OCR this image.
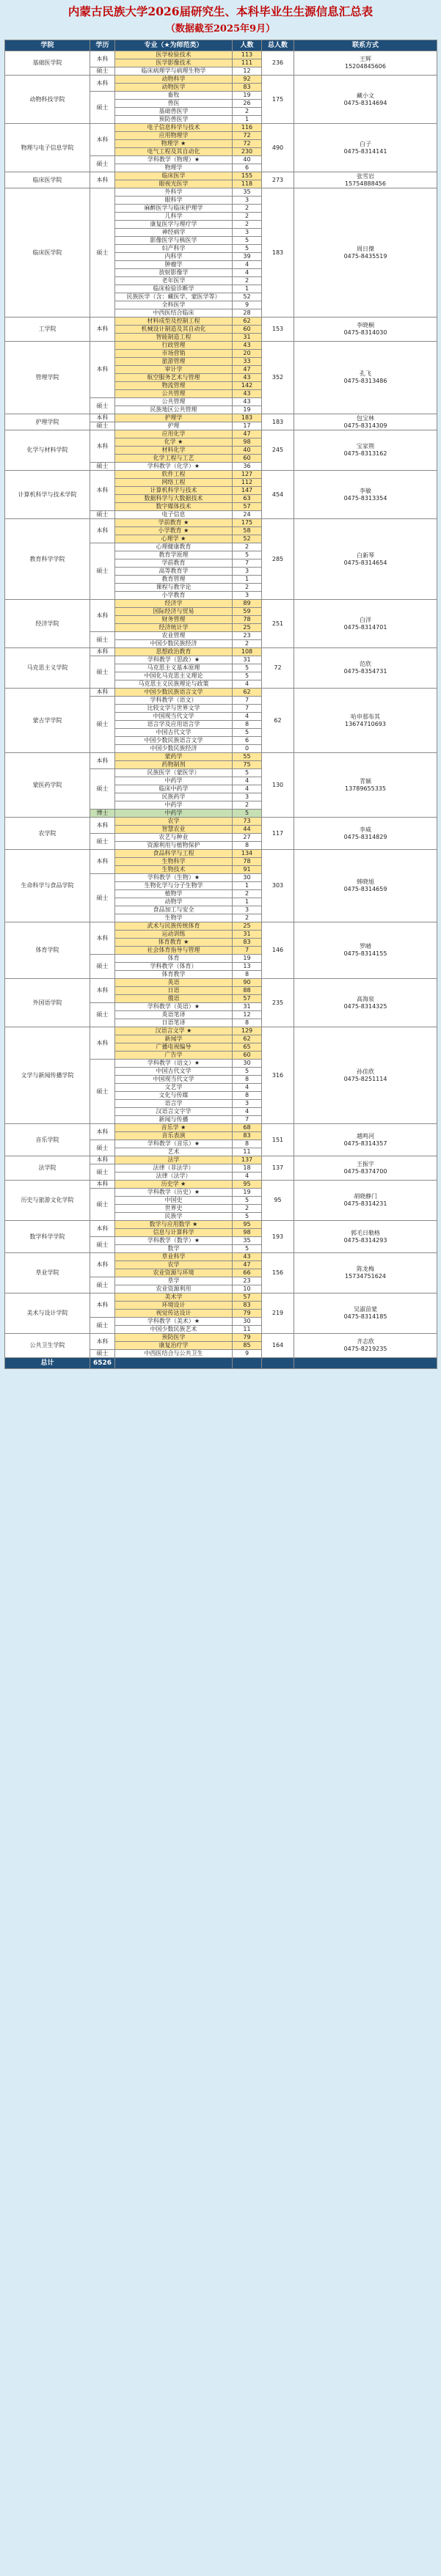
内蒙古民族大学2026届研究生、本科毕业生生源信息汇总表
（数据截至2025年9月）
学院	学历	专业（★为师范类）	人数	总人数	联系方式
基础医学院	本科	医学检验技术	113	236	王辉
15204845606

		医学影像技术	111		
	硕士	临床病理学与病理生物学	12		
动物科技学院	本科	动物科学	92	175	藏小文
0475-8314694

		动物医学	83		
	硕士	畜牧	19		
		兽医	26		
		基础兽医学	2		
		预防兽医学	1		
物理与电子信息学院	本科	电子信息科学与技术	116	490	白子
0475-8314141

		应用物理学	72		
		物理学 ★	72		
		电气工程及其自动化	230		
	硕士	学科教学（物理）★	40		
		物理学	6		
临床医学院	本科	临床医学	155	273	张雪岩
15754888456

		眼视光医学	118		
临床医学院	硕士	外科学	35	183	周日傑
0475-8435519

		眼科学	3		
		麻醉医学与临床护理学	2		
		儿科学	2		
		康复医学与理疗学	2		
		神经病学	3		
		影像医学与核医学	5		
		妇产科学	5		
		内科学	39		
		肿瘤学	4		
		放射影像学	4		
		老年医学	2		
		临床检验诊断学	1		
		民族医学（含：藏医学、蒙医学等）	52		
		全科医学	9		
		中西医结合临床	28		
工学院	本科	材料成型及控制工程	62	153	李晓桐
0475-8314030

		机械设计制造及其自动化	60		
		智能制造工程	31		
管理学院	本科	行政管理	43	352	孔飞
0475-8313486

		市场营销	20		
		旅游管理	33		
		审计学	47		
		航空服务艺术与管理	43		
		物流管理	142		
		公共管理	43		
	硕士	公共管理	43		
		民族地区公共管理	19		
护理学院	本科	护理学	183	183	包宝林
0475-8314309

	硕士	护理	17		
化学与材料学院	本科	应用化学	47	245	宝家荆
0475-8313162

		化学 ★	98		
		材料化学	40		
		化学工程与工艺	60		
	硕士	学科教学（化学）★	36		
计算机科学与技术学院	本科	软件工程	127	454	李敏
0475-8313354

		网络工程	112		
		计算机科学与技术	147		
		数据科学与大数据技术	63		
		数字媒体技术	57		
	硕士	电子信息	24		
教育科学学院	本科	学前教育 ★	175	285	白新琴
0475-8314654

		小学教育 ★	58		
		心理学 ★	52		
	硕士	心理健康教育	2		
		教育学原理	5		
		学前教育	7		
		高等教育学	3		
		教育管理	1		
		课程与教学论	2		
		小学教育	3		
经济学院	本科	经济学	89	251	白洋
0475-8314701

		国际经济与贸易	59		
		财务管理	78		
		经济统计学	25		
	硕士	农业管理	23		
		中国少数民族经济	2		
马克思主义学院	本科	思想政治教育	108	72	范欣
0475-8354731

	硕士	学科教学（思政）★	31		
		马克思主义基本原理	5		
		中国化马克思主义理论	5		
		马克思主义民族理论与政策	4		
蒙古学学院	本科	中国少数民族语言文学	62	62	哈申那布其
13674710693

	硕士	学科教学（语文）	7		
		比较文学与世界文学	7		
		中国现当代文学	4		
		语言学及应用语言学	8		
		中国古代文学	5		
		中国少数民族语言文学	6		
		中国少数民族经济	0		
蒙医药学院	本科	蒙药学	55	130	青颖
13789655335

		药物制剂	75		
	硕士	民族医学（蒙医学）	5		
		中药学	4		
		临床中药学	4		
		民族药学	3		
		中药学	2		
	博士	中药学	5		
农学院	本科	农学	73	117	李威
0475-8314829

		智慧农业	44		
	硕士	农艺与种业	27		
		资源利用与植物保护	8		
生命科学与食品学院	本科	食品科学与工程	134	303	韩晓旭
0475-8314659

		生物科学	78		
		生物技术	91		
	硕士	学科教学（生物）★	30		
		生物化学与分子生物学	1		
		植物学	2		
		动物学	1		
		食品加工与安全	3		
		生物学	2		
体育学院	本科	武术与民族传统体育	25	146	罗晴
0475-8314155

		运动训练	31		
		体育教育 ★	83		
		社会体育指导与管理	7		
	硕士	体育	19		
		学科教学（体育）	13		
		体育教学	8		
外国语学院	本科	英语	90	235	高海泉
0475-8314325

		日语	88		
		俄语	57		
	硕士	学科教学（英语）★	31		
		英语笔译	12		
		日语笔译	8		
文学与新闻传播学院	本科	汉语言文学 ★	129	316	孙佳欣
0475-8251114

		新闻学	62		
		广播电视编导	65		
		广告学	60		
	硕士	学科教学（语文）★	30		
		中国古代文学	5		
		中国现当代文学	8		
		文艺学	4		
		文化与传媒	8		
		语言学	3		
		汉语言文字学	4		
		新闻与传播	7		
音乐学院	本科	音乐学 ★	68	151	越鸣河
0475-8314357

		音乐表演	83		
	硕士	学科教学（音乐）★	8		
		艺术	11		
法学院	本科	法学	137	137	王振宇
0475-8374700

	硕士	法律（非法学）	18		
		法律（法学）	4		
历史与旅游文化学院	本科	历史学 ★	95	95	胡晓静门
0475-8314231

	硕士	学科教学（历史）★	19		
		中国史	5		
		世界史	2		
		民族学	5		
数学科学学院	本科	数学与应用数学 ★	95	193	郭毛日勒格
0475-8314293

		信息与计算科学	98		
	硕士	学科教学（数学）★	35		
		数学	5		
草业学院	本科	草业科学	43	156	陈龙梅
15734751624

		农学	47		
		农业资源与环境	66		
	硕士	草学	23		
		农业资源利用	10		
美术与设计学院	本科	美术学	57	219	吴淑苗蒙
0475-8314185

		环境设计	83		
		视觉传达设计	79		
	硕士	学科教学（美术）★	30		
		中国少数民族艺术	11		
公共卫生学院	本科	预防医学	79	164	齐志欣
0475-8219235

		康复治疗学	85		
	硕士	中西医结合与公共卫生	9		
总计	6526				
